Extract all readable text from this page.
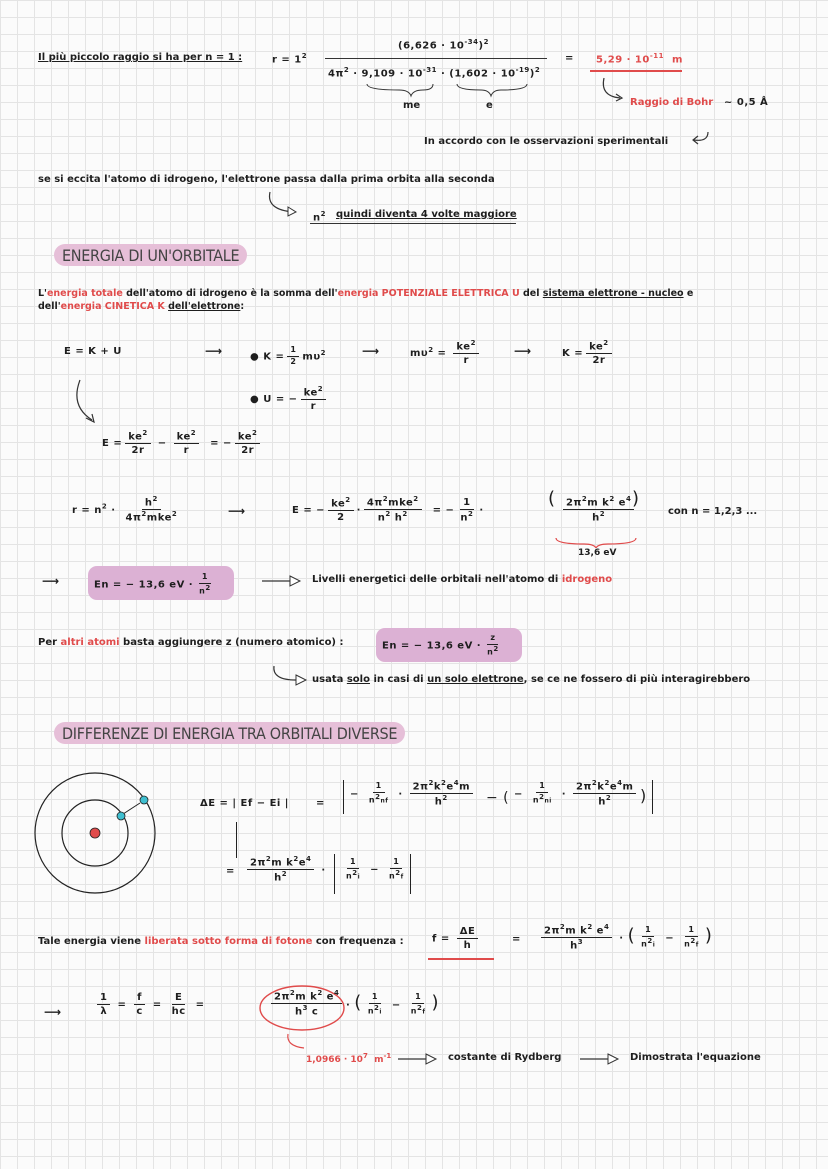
Il più piccolo raggio si ha per n = 1 :	$r = 1^2$
$(6,626 \cdot 10^{-34})^2$
$4\pi^2 \cdot 9,109 \cdot 10^{-31} \cdot (1,602 \cdot 10^{-19})^2$
me	e
= $5,29 \cdot 10^{-11}$ m
Raggio di Bohr ~ 0,5 Å
In accordo con le osservazioni sperimentali
se si eccita l'atomo di idrogeno, l'elettrone passa dalla prima orbita alla seconda
$n^2$ quindi diventa 4 volte maggiore
ENERGIA DI UN'ORBITALE
L'energia totale dell'atomo di idrogeno è la somma dell'energia POTENZIALE ELETTRICA U del sistema elettrone - nucleo e
dell'energia CINETICA K dell'elettrone:
E = K + U	⟶	● $K = \frac{1}{2} m\upsilon^2$	⟶	$m\upsilon^2 = \frac{ke^2}{r}$	⟶	$K = \frac{ke^2}{2r}$
● U = − $\frac{ke^2}{r}$
$E = \frac{ke^2}{2r} - \frac{ke^2}{r}$ = − $\frac{ke^2}{2r}$
$r = n^2 \cdot \frac{h^2}{4\pi^2mke^2}$	⟶	E = − $\frac{ke^2}{2} \cdot \frac{4\pi^2mke^2}{n^2 h^2}$ = − $\frac{1}{n^2}$ ·
( $\frac{2\pi^2m k^2 e^4}{h^2}$
)
13,6 eV
con n = 1,2,3 ...
⟶	En = − 13,6 eV · $\frac{1}{n^2}$	Livelli energetici delle orbitali nell'atomo di idrogeno
Per altri atomi basta aggiungere z (numero atomico) :	En = − 13,6 eV · $\frac{z}{n^2}$
usata solo in casi di un solo elettrone, se ce ne fossero di più interagirebbero
DIFFERENZE DI ENERGIA TRA ORBITALI DIVERSE
ΔE = | Ef − Ei |	=
− $\frac{1}{n^2nf} \cdot \frac{2\pi^2k^2e^4m}{h^2}$ − ( − $\frac{1}{n^2ni} \cdot \frac{2\pi^2k^2e^4m}{h^2}$ )
= $\frac{2\pi^2m k^2e^4}{h^2} \cdot \frac{1}{n^2i} - \frac{1}{n^2f}$
Tale energia viene liberata sotto forma di fotone con frequenza :	$f = \frac{\Delta E}{h}$	= $\frac{2\pi^2m k^2 e^4}{h^3}$ · ( $\frac{1}{n^2i} - \frac{1}{n^2f}$ )
⟶	$\frac{1}{\lambda} = \frac{f}{c} = \frac{E}{hc}$ =	$\frac{2\pi^2m k^2 e^4}{h^3 c}$ · ( $\frac{1}{n^2i} - \frac{1}{n^2f}$ )
$1,0966 \cdot 10^7$ $m^{-1}$	costante di Rydberg	Dimostrata l'equazione
